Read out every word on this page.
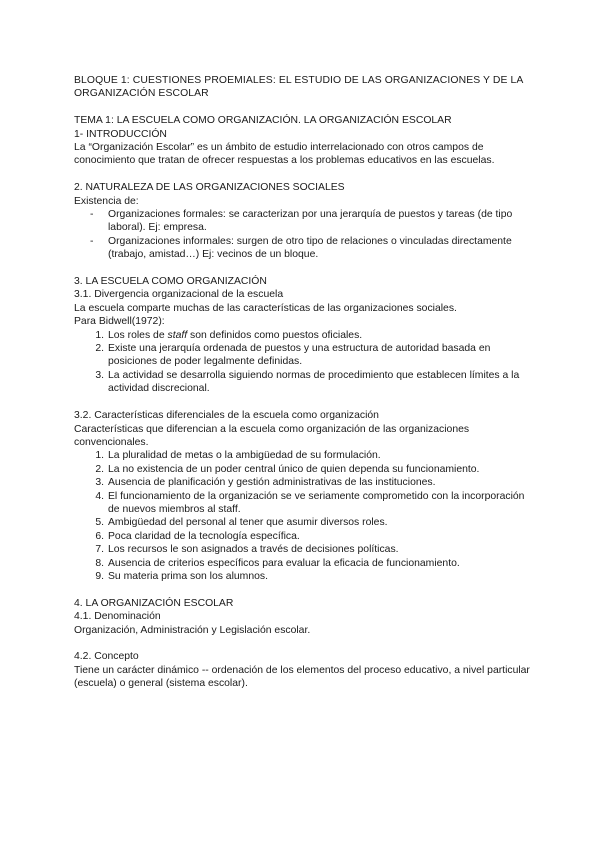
BLOQUE 1: CUESTIONES PROEMIALES: EL ESTUDIO DE LAS ORGANIZACIONES Y DE LA

ORGANIZACIÓN ESCOLAR

TEMA 1: LA ESCUELA COMO ORGANIZACIÓN. LA ORGANIZACIÓN ESCOLAR

1- INTRODUCCIÓN

La “Organización Escolar” es un ámbito de estudio interrelacionado con otros campos de conocimiento que tratan de ofrecer respuestas a los problemas educativos en las escuelas.

2. NATURALEZA DE LAS ORGANIZACIONES SOCIALES

Existencia de:

- Organizaciones formales: se caracterizan por una jerarquía de puestos y tareas (de tipo laboral). Ej: empresa.
- Organizaciones informales: surgen de otro tipo de relaciones o vinculadas directamente (trabajo, amistad…) Ej: vecinos de un bloque.

3. LA ESCUELA COMO ORGANIZACIÓN

3.1. Divergencia organizacional de la escuela

La escuela comparte muchas de las características de las organizaciones sociales.

Para Bidwell(1972):

1. Los roles de staff son definidos como puestos oficiales.
2. Existe una jerarquía ordenada de puestos y una estructura de autoridad basada en posiciones de poder legalmente definidas.
3. La actividad se desarrolla siguiendo normas de procedimiento que establecen límites a la actividad discrecional.

3.2. Características diferenciales de la escuela como organización

Características que diferencian a la escuela como organización de las organizaciones convencionales.

1. La pluralidad de metas o la ambigüedad de su formulación.
2. La no existencia de un poder central único de quien dependa su funcionamiento.
3. Ausencia de planificación y gestión administrativas de las instituciones.
4. El funcionamiento de la organización se ve seriamente comprometido con la incorporación de nuevos miembros al staff.
5. Ambigüedad del personal al tener que asumir diversos roles.
6. Poca claridad de la tecnología específica.
7. Los recursos le son asignados a través de decisiones políticas.
8. Ausencia de criterios específicos para evaluar la eficacia de funcionamiento.
9. Su materia prima son los alumnos.

4. LA ORGANIZACIÓN ESCOLAR

4.1. Denominación

Organización, Administración y Legislación escolar.

4.2. Concepto

Tiene un carácter dinámico -- ordenación de los elementos del proceso educativo, a nivel particular (escuela) o general (sistema escolar).
